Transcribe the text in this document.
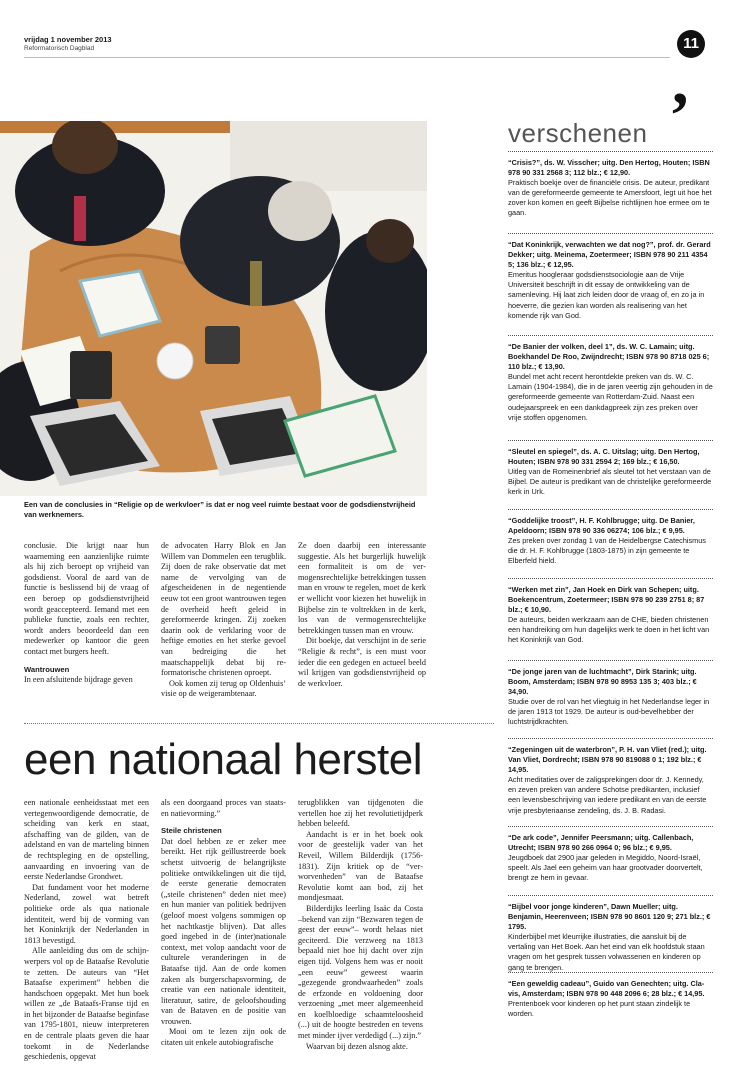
vrijdag 1 november 2013
Reformatorisch Dagblad	11
,
Een van de conclusies in “Religie op de werkvloer” is dat er nog veel ruimte bestaat voor de godsdienstvrijheid van werknemers.

conclusie. Die krijgt naar hun waarneming een aanzienlijke ruimte als hij zich beroept op vrijheid van godsdienst. Vooral de aard van de functie is beslissend bij de vraag of een beroep op godsdienstvrijheid wordt geaccepteerd. Iemand met een publieke functie, zoals een rechter, wordt anders beoordeeld dan een medewerker op kantoor die geen contact met burgers heeft.

Wantrouwen

In een afsluitende bijdrage geven

de advocaten Harry Blok en Jan Willem van Dommelen een terugblik. Zij doen de rake observatie dat met name de vervolging van de afgescheidenen in de negentiende eeuw tot een groot wantrouwen tegen de overheid heeft geleid in gereformeerde kringen. Zij zoeken daarin ook de verklaring voor de heftige emoties en het sterke gevoel van bedreiging die het maatschappelijk debat bij reformatorische christenen oproept.

Ook komen zij terug op Oldenhuis’ visie op de weigerambtenaar.

Ze doen daarbij een interessante suggestie. Als het burgerlijk huwelijk een formaliteit is om de vermogensrechtelijke betrekkingen tussen man en vrouw te regelen, moet de kerk er wellicht voor kiezen het huwelijk in Bijbelse zin te voltrekken in de kerk, los van de vermogensrechtelijke betrekkingen tussen man en vrouw.

Dit boekje, dat verschijnt in de serie “Religie & recht”, is een must voor ieder die een gedegen en actueel beeld wil krijgen van godsdienstvrijheid op de werkvloer.

een nationaal herstel

een nationale eenheidsstaat met een vertegenwoordigende democratie, de scheiding van kerk en staat, afschaffing van de gilden, van de adelstand en van de marteling binnen de rechtspleging en de opstelling, aanvaarding en invoering van de eerste Nederlandse Grondwet.

Dat fundament voor het moderne Nederland, zowel wat betreft politieke orde als qua nationale identiteit, werd bij de vorming van het Koninkrijk der Nederlanden in 1813 bevestigd.

Alle aanleiding dus om de schijnwerpers vol op de Bataafse Revolutie te zetten. De auteurs van “Het Bataafse experiment” hebben die handschoen opgepakt. Met hun boek willen ze „de Bataafs-Franse tijd en in het bijzonder de Bataafse beginfase van 1795-1801, nieuw interpreteren en de centrale plaats geven die haar toekomt in de Nederlandse geschiedenis, opgevat

als een doorgaand proces van staats- en natievorming.”

Steile christenen

Dat doel hebben ze er zeker mee bereikt. Het rijk geïllustreerde boek schetst uitvoerig de belangrijkste politieke ontwikkelingen uit die tijd, de eerste generatie democraten („steile christenen” deden niet mee) en hun manier van politiek bedrijven (geloof moest volgens sommigen op het nachtkastje blijven). Dat alles goed ingebed in de (inter)nationale context, met volop aandacht voor de culturele veranderingen in de Bataafse tijd. Aan de orde komen zaken als burgerschapsvorming, de creatie van een nationale identiteit, literatuur, satire, de geloofshouding van de Bataven en de positie van vrouwen.

Mooi om te lezen zijn ook de citaten uit enkele autobiografische

terugblikken van tijdgenoten die vertellen hoe zij het revolutietijdperk hebben beleefd.

Aandacht is er in het boek ook voor de geestelijk vader van het Reveil, Willem Bilderdijk (1756-1831). Zijn kritiek op de “verworvenheden” van de Bataafse Revolutie komt aan bod, zij het mondjesmaat.

Bilderdijks leerling Isaäc da Costa –bekend van zijn “Bezwaren tegen de geest der eeuw”– wordt helaas niet geciteerd. Die verzweeg na 1813 bepaald niet hoe hij dacht over zijn eigen tijd. Volgens hem was er nooit „een eeuw” geweest waarin „gezegende grondwaarheden” zoals de erfzonde en voldoening door verzoening „met meer algemeenheid en koelbloedige schaamteloosheid (...) uit de hoogte bestreden en tevens met minder ijver verdedigd (...) zijn.”

Waarvan bij dezen alsnog akte.

verschenen
“Crisis?”, ds. W. Visscher; uitg. Den Hertog, Houten; ISBN 978 90 331 2568 3; 112 blz.; € 12,90.
Praktisch boekje over de financiële crisis. De auteur, predikant van de gereformeerde gemeente te Amersfoort, legt uit hoe het zover kon komen en geeft Bijbelse richtlijnen hoe ermee om te gaan.
“Dat Koninkrijk, verwachten we dat nog?”, prof. dr. Gerard Dekker; uitg. Meinema, Zoetermeer; ISBN 978 90 211 4354 5; 136 blz.; € 12,95.
Emeritus hoogleraar godsdienstsociologie aan de Vrije Universiteit beschrijft in dit essay de ontwikkeling van de samenleving. Hij laat zich leiden door de vraag of, en zo ja in hoeverre, die gezien kan worden als realisering van het komende rijk van God.
“De Banier der volken, deel 1”, ds. W. C. Lamain; uitg. Boekhandel De Roo, Zwijndrecht; ISBN 978 90 8718 025 6; 110 blz.; € 13,90.
Bundel met acht recent herontdekte preken van ds. W. C. Lamain (1904-1984), die in de jaren veertig zijn gehouden in de gereformeerde gemeente van Rotterdam-Zuid. Naast een oudejaarspreek en een dankdagpreek zijn zes preken over vrije stoffen opgenomen.
“Sleutel en spiegel”, ds. A. C. Uitslag; uitg. Den Hertog, Houten; ISBN 978 90 331 2594 2; 169 blz.; € 16,50.
Uitleg van de Romeinenbrief als sleutel tot het verstaan van de Bijbel. De auteur is predikant van de christelijke gereformeerde kerk in Urk.
“Goddelijke troost”, H. F. Kohlbrugge; uitg. De Banier, Apeldoorn; ISBN 978 90 336 06274; 106 blz.; € 9,95.
Zes preken over zondag 1 van de Heidelbergse Catechismus die dr. H. F. Kohlbrugge (1803-1875) in zijn gemeente te Elberfeld hield.
“Werken met zin”, Jan Hoek en Dirk van Schepen; uitg. Boekencentrum, Zoetermeer; ISBN 978 90 239 2751 8; 87 blz.; € 10,90.
De auteurs, beiden werkzaam aan de CHE, bieden christenen een handreiking om hun dagelijks werk te doen in het licht van het Koninkrijk van God.
“De jonge jaren van de luchtmacht”, Dirk Starink; uitg. Boom, Amsterdam; ISBN 978 90 8953 135 3; 403 blz.; € 34,90.
Studie over de rol van het vliegtuig in het Nederlandse leger in de jaren 1913 tot 1929. De auteur is oud-bevelhebber der luchtstrijdkrachten.
“Zegeningen uit de waterbron”, P. H. van Vliet (red.); uitg. Van Vliet, Dordrecht; ISBN 978 90 819088 0 1; 192 blz.; € 14,95.
Acht meditaties over de zaligsprekingen door dr. J. Kennedy, en zeven preken van andere Schotse predikanten, inclusief een levensbeschrijving van iedere predikant en van de eerste vrije presbyteriaanse zendeling, ds. J. B. Radasi.
“De ark code”, Jennifer Peersmann; uitg. Callenbach, Utrecht; ISBN 978 90 266 0964 0; 96 blz.; € 9,95.
Jeugdboek dat 2900 jaar geleden in Megiddo, Noord-Israël, speelt. Als Jael een geheim van haar grootvader doorvertelt, brengt ze hem in gevaar.
“Bijbel voor jonge kinderen”, Dawn Mueller; uitg. Benjamin, Heerenveen; ISBN 978 90 8601 120 9; 271 blz.; € 1795.
Kinderbijbel met kleurrijke illustraties, die aansluit bij de vertaling van Het Boek. Aan het eind van elk hoofdstuk staan vragen om het gesprek tussen volwassenen en kinderen op gang te brengen.
“Een geweldig cadeau”, Guido van Genechten; uitg. Clavis, Amsterdam; ISBN 978 90 448 2096 6; 28 blz.; € 14,95.
Prentenboek voor kinderen op het punt staan zindelijk te worden.
